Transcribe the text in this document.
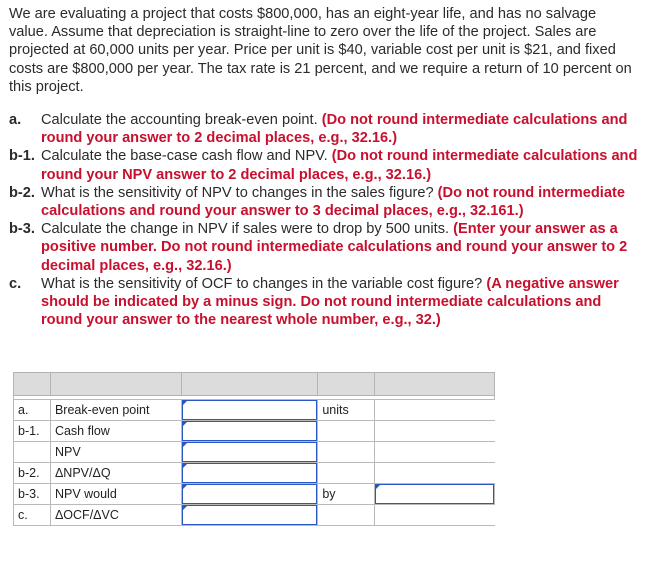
We are evaluating a project that costs $800,000, has an eight-year life, and has no salvage value. Assume that depreciation is straight-line to zero over the life of the project. Sales are projected at 60,000 units per year. Price per unit is $40, variable cost per unit is $21, and fixed costs are $800,000 per year. The tax rate is 21 percent, and we require a return of 10 percent on this project.
a.	Calculate the accounting break-even point. (Do not round intermediate calculations and round your answer to 2 decimal places, e.g., 32.16.)
b-1. Calculate the base-case cash flow and NPV. (Do not round intermediate calculations and round your NPV answer to 2 decimal places, e.g., 32.16.)
b-2. What is the sensitivity of NPV to changes in the sales figure? (Do not round intermediate calculations and round your answer to 3 decimal places, e.g., 32.161.)
b-3. Calculate the change in NPV if sales were to drop by 500 units. (Enter your answer as a positive number. Do not round intermediate calculations and round your answer to 2 decimal places, e.g., 32.16.)
c.	What is the sensitivity of OCF to changes in the variable cost figure? (A negative answer should be indicated by a minus sign. Do not round intermediate calculations and round your answer to the nearest whole number, e.g., 32.)

a.	Break-even point		units	
b-1.	Cash flow	

	NPV	

b-2.	ΔNPV/ΔQ	

b-3.	NPV would		by	

c.	ΔOCF/ΔVC	
